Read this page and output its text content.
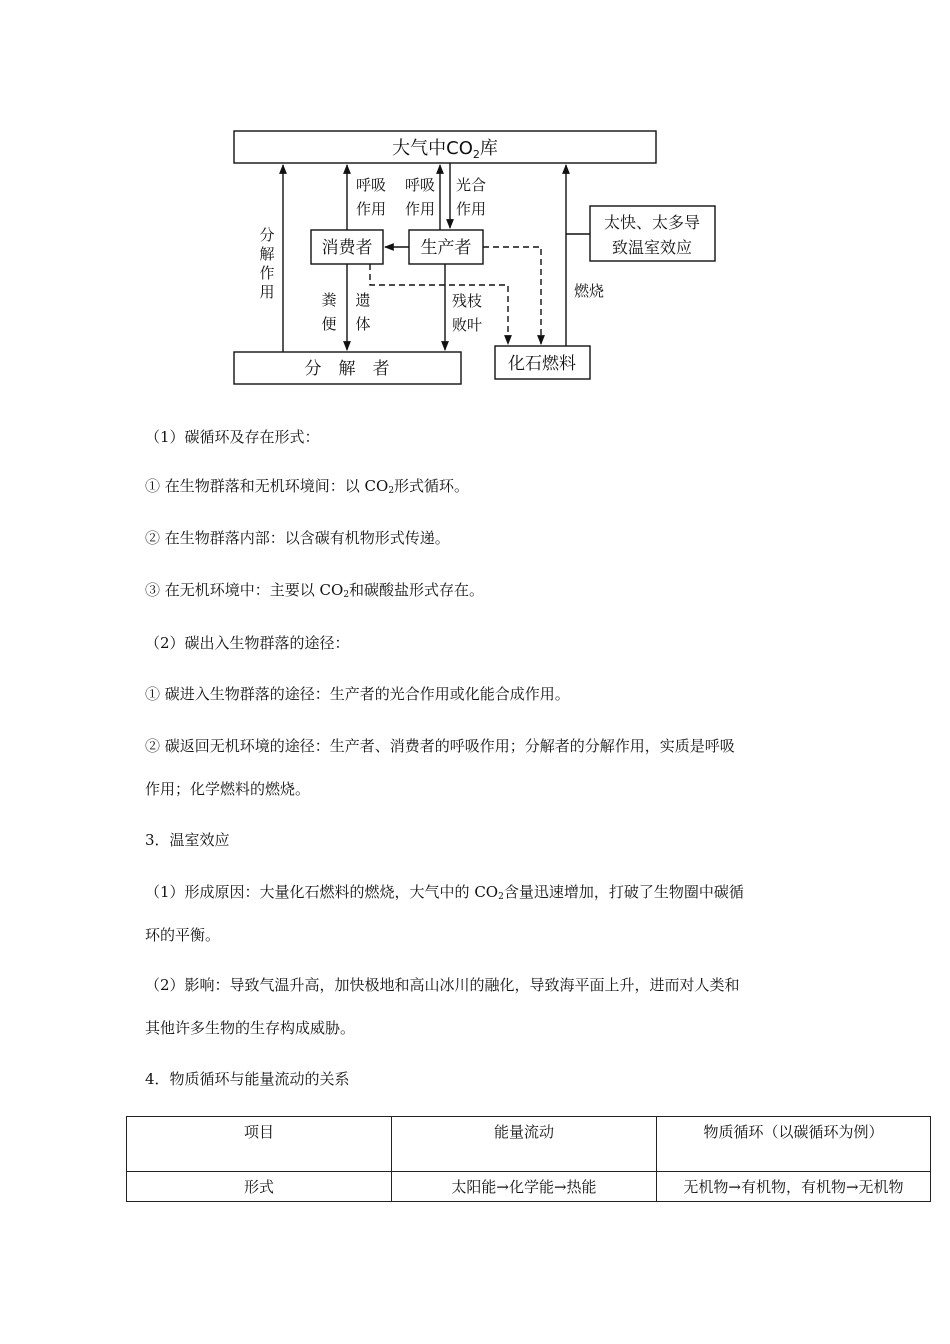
大气中$CO_2$库
消费者	生产者
分　解　者	化石燃料
太快、太多导
致温室效应
呼吸
作用
呼吸
作用
光合
作用
分
解
作
用	粪
便
遗
体
残枝
败叶
燃烧
（1）碳循环及存在形式：
① 在生物群落和无机环境间：以 $CO_2$形式循环。
② 在生物群落内部：以含碳有机物形式传递。
③ 在无机环境中：主要以 $CO_2$和碳酸盐形式存在。
（2）碳出入生物群落的途径：
① 碳进入生物群落的途径：生产者的光合作用或化能合成作用。
② 碳返回无机环境的途径：生产者、消费者的呼吸作用；分解者的分解作用，实质是呼吸
作用；化学燃料的燃烧。
3．温室效应
（1）形成原因：大量化石燃料的燃烧，大气中的 $CO_2$含量迅速增加，打破了生物圈中碳循
环的平衡。
（2）影响：导致气温升高，加快极地和高山冰川的融化，导致海平面上升，进而对人类和
其他许多生物的生存构成威胁。
4．物质循环与能量流动的关系
项目	能量流动	物质循环（以碳循环为例）
形式	太阳能→化学能→热能	无机物→有机物，有机物→无机物
